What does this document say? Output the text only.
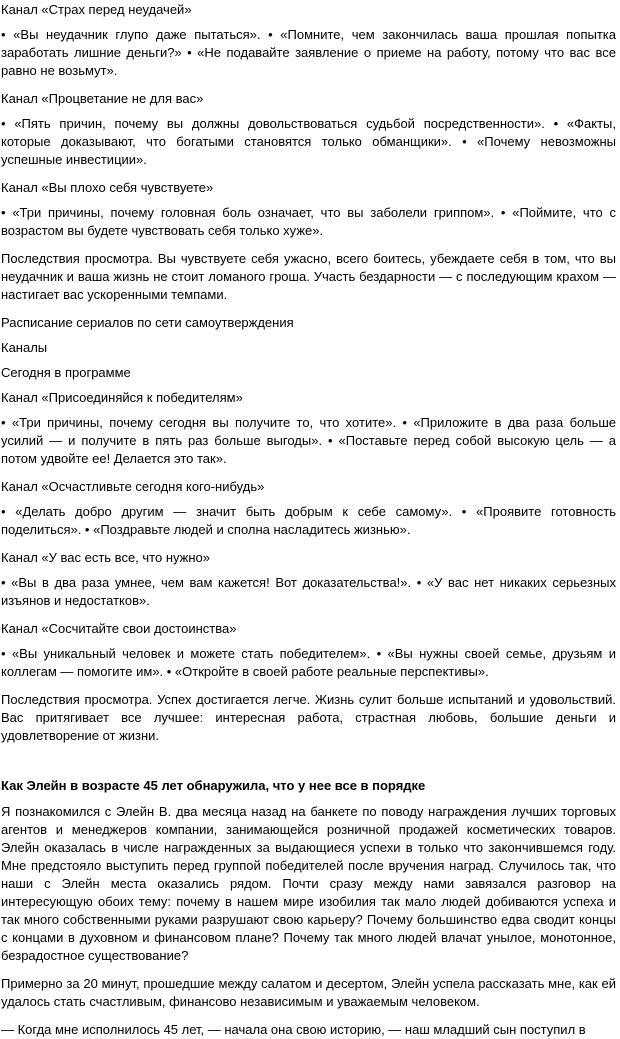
Канал «Страх перед неудачей»

• «Вы неудачник глупо даже пытаться». • «Помните, чем закончилась ваша прошлая попытка заработать лишние деньги?» • «Не подавайте заявление о приеме на работу, потому что вас все равно не возьмут».

Канал «Процветание не для вас»

• «Пять причин, почему вы должны довольствоваться судьбой посредственности». • «Факты, которые доказывают, что богатыми становятся только обманщики». • «Почему невозможны успешные инвестиции».

Канал «Вы плохо себя чувствуете»

• «Три причины, почему головная боль означает, что вы заболели гриппом». • «Поймите, что с возрастом вы будете чувствовать себя только хуже».

Последствия просмотра. Вы чувствуете себя ужасно, всего боитесь, убеждаете себя в том, что вы неудачник и ваша жизнь не стоит ломаного гроша. Участь бездарности — с последующим крахом — настигает вас ускоренными темпами.

Расписание сериалов по сети самоутверждения

Каналы

Сегодня в программе

Канал «Присоединяйся к победителям»

• «Три причины, почему сегодня вы получите то, что хотите». • «Приложите в два раза больше усилий — и получите в пять раз больше выгоды». • «Поставьте перед собой высокую цель — а потом удвойте ее! Делается это так».

Канал «Осчастливьте сегодня кого-нибудь»

• «Делать добро другим — значит быть добрым к себе самому». • «Проявите готовность поделиться». • «Поздравьте людей и сполна насладитесь жизнью».

Канал «У вас есть все, что нужно»

• «Вы в два раза умнее, чем вам кажется! Вот доказательства!». • «У вас нет никаких серьезных изъянов и недостатков».

Канал «Сосчитайте свои достоинства»

• «Вы уникальный человек и можете стать победителем». • «Вы нужны своей семье, друзьям и коллегам — помогите им». • «Откройте в своей работе реальные перспективы».

Последствия просмотра. Успех достигается легче. Жизнь сулит больше испытаний и удовольствий. Вас притягивает все лучшее: интересная работа, страстная любовь, большие деньги и удовлетворение от жизни.

Как Элейн в возрасте 45 лет обнаружила, что у нее все в порядке

Я познакомился с Элейн В. два месяца назад на банкете по поводу награждения лучших торговых агентов и менеджеров компании, занимающейся розничной продажей косметических товаров. Элейн оказалась в числе награжденных за выдающиеся успехи в только что закончившемся году. Мне предстояло выступить перед группой победителей после вручения наград. Случилось так, что наши с Элейн места оказались рядом. Почти сразу между нами завязался разговор на интересующую обоих тему: почему в нашем мире изобилия так мало людей добиваются успеха и так много собственными руками разрушают свою карьеру? Почему большинство едва сводит концы с концами в духовном и финансовом плане? Почему так много людей влачат унылое, монотонное, безрадостное существование?

Примерно за 20 минут, прошедшие между салатом и десертом, Элейн успела рассказать мне, как ей удалось стать счастливым, финансово независимым и уважаемым человеком.

— Когда мне исполнилось 45 лет, — начала она свою историю, — наш младший сын поступил в
